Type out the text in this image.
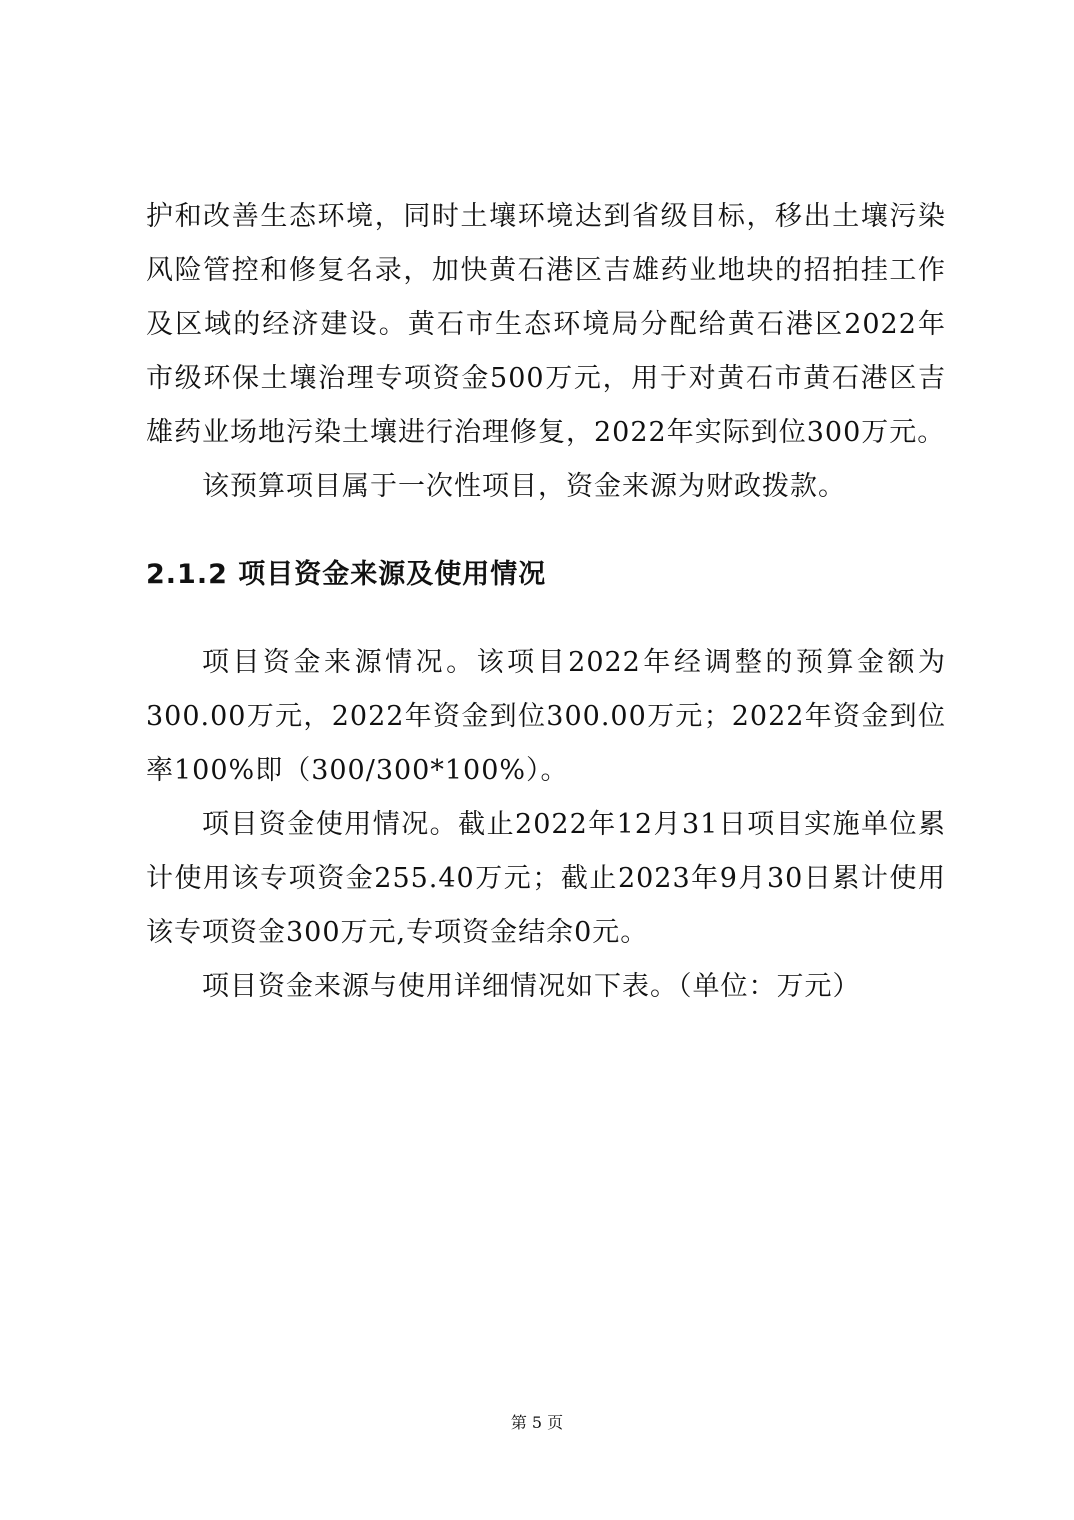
护和改善生态环境，同时土壤环境达到省级目标，移出土壤污染风险管控和修复名录，加快黄石港区吉雄药业地块的招拍挂工作及区域的经济建设。黄石市生态环境局分配给黄石港区2022年市级环保土壤治理专项资金500万元，用于对黄石市黄石港区吉雄药业场地污染土壤进行治理修复，2022年实际到位300万元。

该预算项目属于一次性项目，资金来源为财政拨款。

2.1.2 项目资金来源及使用情况

项目资金来源情况。该项目2022年经调整的预算金额为300.00万元，2022年资金到位300.00万元；2022年资金到位率100%即（300/300*100%）。

项目资金使用情况。截止2022年12月31日项目实施单位累计使用该专项资金255.40万元；截止2023年9月30日累计使用该专项资金300万元,专项资金结余0元。

项目资金来源与使用详细情况如下表。（单位：万元）

第 5 页
